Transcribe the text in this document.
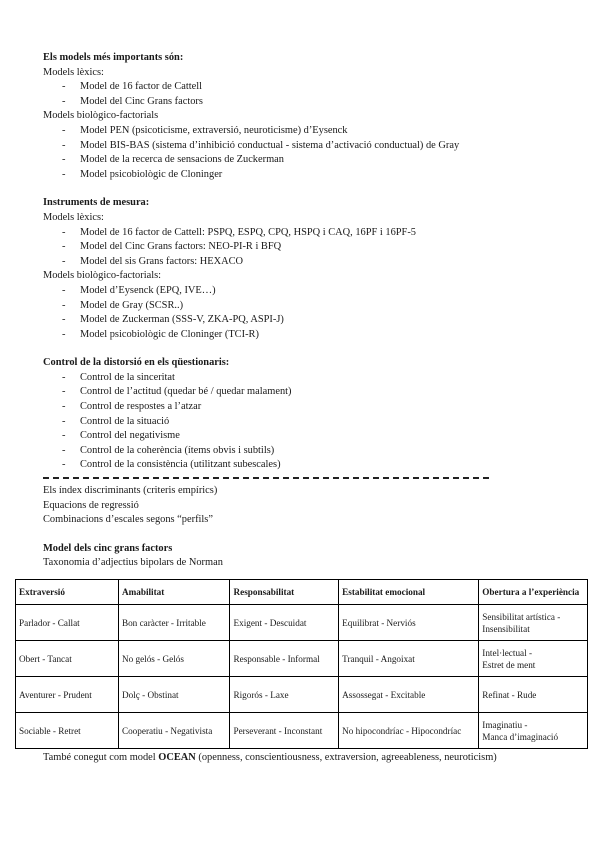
Els models més importants són:

Models lèxics:

- Model de 16 factor de Cattell
- Model del Cinc Grans factors

Models biològico-factorials

- Model PEN (psicoticisme, extraversió, neuroticisme) d’Eysenck
- Model BIS-BAS (sistema d’inhibició conductual - sistema d’activació conductual) de Gray
- Model de la recerca de sensacions de Zuckerman
- Model psicobiològic de Cloninger

Instruments de mesura:

Models lèxics:

- Model de 16 factor de Cattell: PSPQ, ESPQ, CPQ, HSPQ i CAQ, 16PF i 16PF-5
- Model del Cinc Grans factors: NEO-PI-R i BFQ
- Model del sis Grans factors: HEXACO

Models biològico-factorials:

- Model d’Eysenck (EPQ, IVE…)
- Model de Gray (SCSR..)
- Model de Zuckerman (SSS-V, ZKA-PQ, ASPI-J)
- Model psicobiològic de Cloninger (TCI-R)

Control de la distorsió en els qüestionaris:

- Control de la sinceritat
- Control de l’actitud (quedar bé / quedar malament)
- Control de respostes a l’atzar
- Control de la situació
- Control del negativisme
- Control de la coherència (ítems obvis i subtils)
- Control de la consistència (utilitzant subescales)

Els índex discriminants (criteris empírics)

Equacions de regressió

Combinacions d’escales segons “perfils”

Model dels cinc grans factors

Taxonomia d’adjectius bipolars de Norman

Extraversió	Amabilitat	Responsabilitat	Estabilitat emocional	Obertura a l’experiència
Parlador - Callat	Bon caràcter - Irritable	Exigent - Descuidat	Equilibrat - Nerviós	Sensibilitat artística -
Insensibilitat
Obert - Tancat	No gelós - Gelós	Responsable - Informal	Tranquil - Angoixat	Intel·lectual -
Estret de ment
Aventurer - Prudent	Dolç - Obstinat	Rigorós - Laxe	Assossegat - Excitable	Refinat - Rude
Sociable - Retret	Cooperatiu - Negativista	Perseverant - Inconstant	No hipocondríac - Hipocondríac	Imaginatiu -
Manca d’imaginació

També conegut com model OCEAN (openness, conscientiousness, extraversion, agreeableness, neuroticism)
